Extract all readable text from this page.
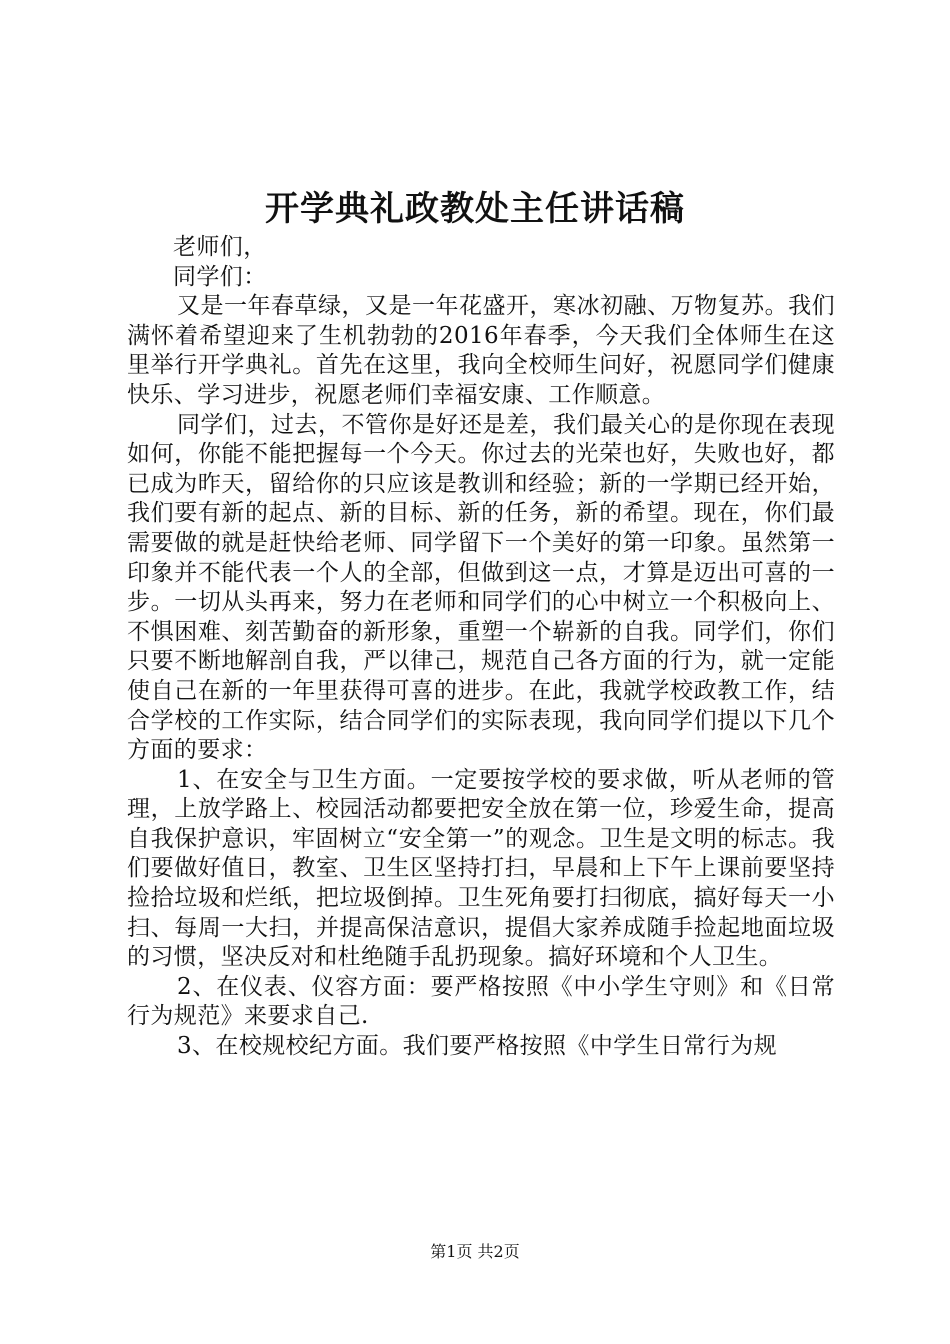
开学典礼政教处主任讲话稿

老师们，

同学们：

又是一年春草绿，又是一年花盛开，寒冰初融、万物复苏。我们满怀着希望迎来了生机勃勃的2016年春季，今天我们全体师生在这里举行开学典礼。首先在这里，我向全校师生问好，祝愿同学们健康快乐、学习进步，祝愿老师们幸福安康、工作顺意。

同学们，过去，不管你是好还是差，我们最关心的是你现在表现如何，你能不能把握每一个今天。你过去的光荣也好，失败也好，都已成为昨天，留给你的只应该是教训和经验；新的一学期已经开始，我们要有新的起点、新的目标、新的任务，新的希望。现在，你们最需要做的就是赶快给老师、同学留下一个美好的第一印象。虽然第一印象并不能代表一个人的全部，但做到这一点，才算是迈出可喜的一步。一切从头再来，努力在老师和同学们的心中树立一个积极向上、不惧困难、刻苦勤奋的新形象，重塑一个崭新的自我。同学们，你们只要不断地解剖自我，严以律己，规范自己各方面的行为，就一定能使自己在新的一年里获得可喜的进步。在此，我就学校政教工作，结合学校的工作实际，结合同学们的实际表现，我向同学们提以下几个方面的要求：

1、在安全与卫生方面。一定要按学校的要求做，听从老师的管理，上放学路上、校园活动都要把安全放在第一位，珍爱生命，提高自我保护意识，牢固树立“安全第一”的观念。卫生是文明的标志。我们要做好值日，教室、卫生区坚持打扫，早晨和上下午上课前要坚持捡拾垃圾和烂纸，把垃圾倒掉。卫生死角要打扫彻底，搞好每天一小扫、每周一大扫，并提高保洁意识，提倡大家养成随手捡起地面垃圾的习惯，坚决反对和杜绝随手乱扔现象。搞好环境和个人卫生。

2、在仪表、仪容方面：要严格按照《中小学生守则》和《日常行为规范》来要求自己.

3、在校规校纪方面。我们要严格按照《中学生日常行为规

第1页 共2页
